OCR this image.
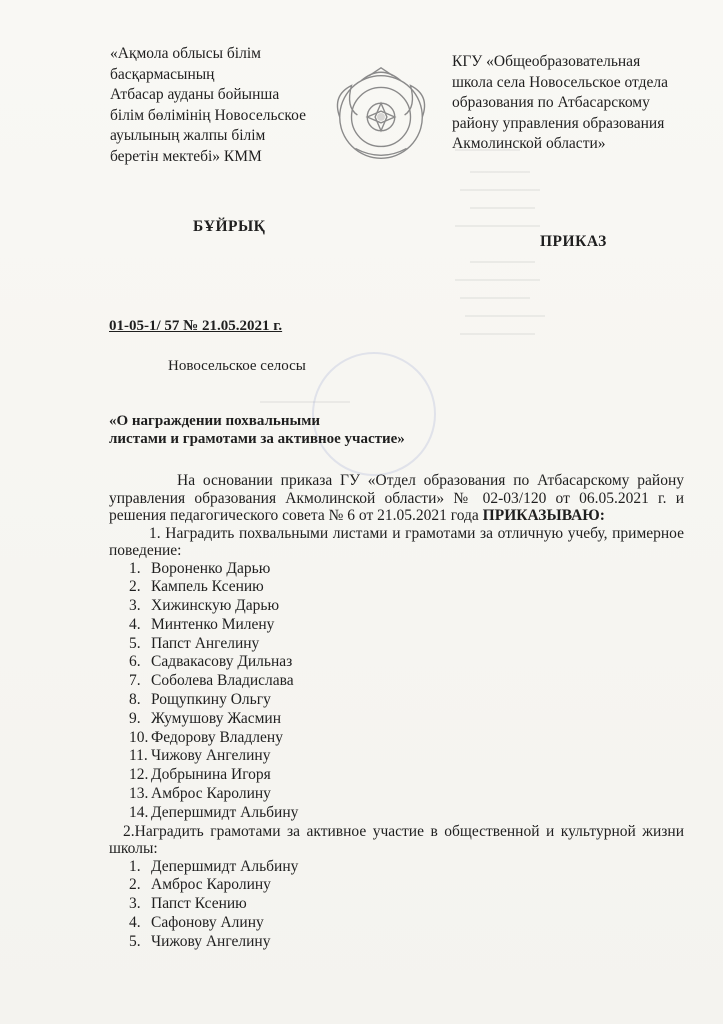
«Ақмола облысы білім
басқармасының
Атбасар ауданы бойынша
білім бөлімінің Новосельское
ауылының жалпы білім
беретін мектебі» КММ
КГУ «Общеобразовательная
школа села Новосельское отдела
образования по Атбасарскому
району управления образования
Акмолинской области»
БҰЙРЫҚ
ПРИКАЗ
01-05-1/ 57 № 21.05.2021 г.
Новосельское селосы
«О награждении похвальными
листами и грамотами за активное участие»

На основании приказа ГУ «Отдел образования по Атбасарскому району управления образования Акмолинской области» № 02-03/120 от 06.05.2021 г. и решения педагогического совета № 6 от 21.05.2021 года ПРИКАЗЫВАЮ:

1. Наградить похвальными листами и грамотами за отличную учебу, примерное поведение:

1. Вороненко Дарью
2. Кампель Ксению
3. Хижинскую Дарью
4. Минтенко Милену
5. Папст Ангелину
6. Садвакасову Дильназ
7. Соболева Владислава
8. Рощупкину Ольгу
9. Жумушову Жасмин
10. Федорову Владлену
11. Чижову Ангелину
12. Добрынина Игоря
13. Амброс Каролину
14. Депершмидт Альбину

2.Наградить грамотами за активное участие в общественной и культурной жизни школы:

1. Депершмидт Альбину
2. Амброс Каролину
3. Папст Ксению
4. Сафонову Алину
5. Чижову Ангелину
